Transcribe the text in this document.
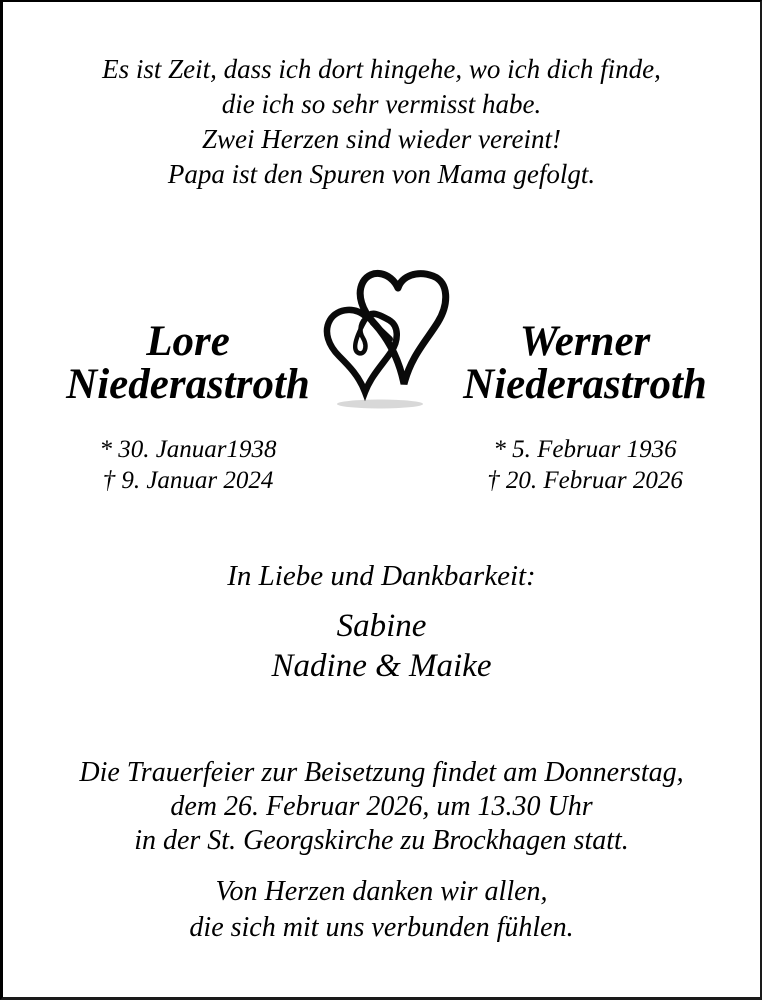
Es ist Zeit, dass ich dort hingehe, wo ich dich finde,
die ich so sehr vermisst habe.
Zwei Herzen sind wieder vereint!
Papa ist den Spuren von Mama gefolgt.
Lore
Niederastroth
* 30. Januar1938
† 9. Januar 2024
Werner
Niederastroth
* 5. Februar 1936
† 20. Februar 2026
In Liebe und Dankbarkeit:
Sabine
Nadine & Maike
Die Trauerfeier zur Beisetzung findet am Donnerstag,
dem 26. Februar 2026, um 13.30 Uhr
in der St. Georgskirche zu Brockhagen statt.
Von Herzen danken wir allen,
die sich mit uns verbunden fühlen.
